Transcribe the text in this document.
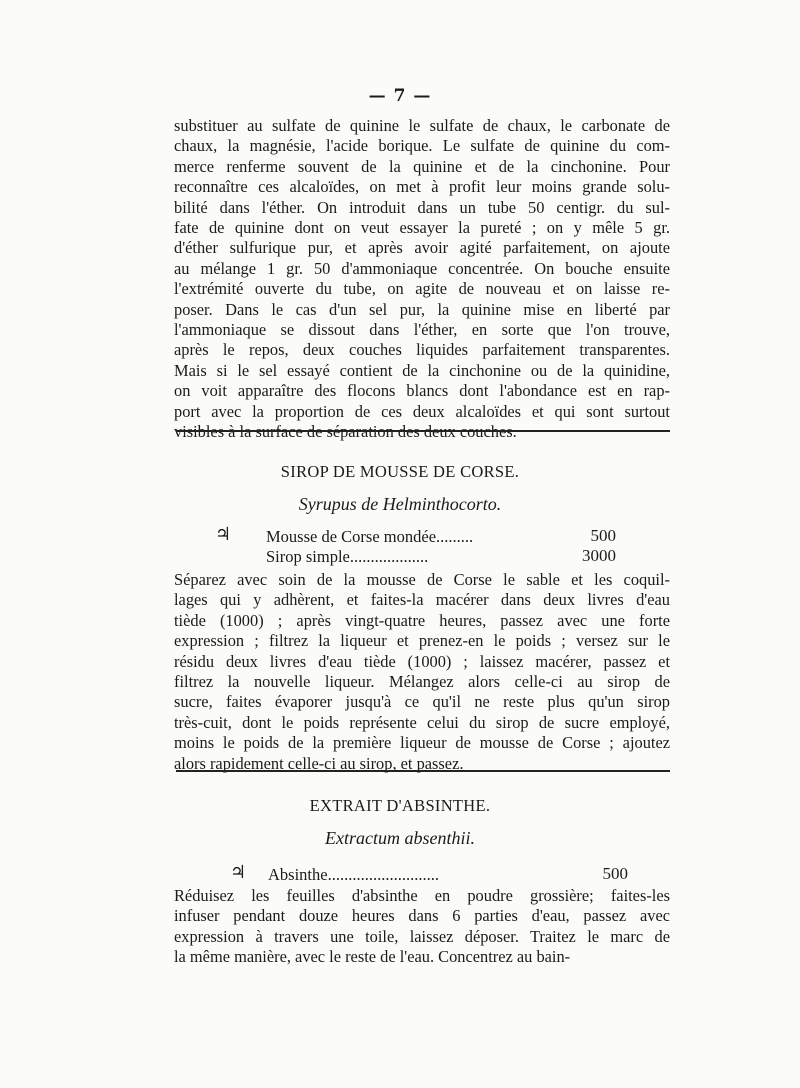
— 7 —

substituer au sulfate de quinine le sulfate de chaux, le carbonate de
chaux, la magnésie, l'acide borique. Le sulfate de quinine du com-
merce renferme souvent de la quinine et de la cinchonine. Pour
reconnaître ces alcaloïdes, on met à profit leur moins grande solu-
bilité dans l'éther. On introduit dans un tube 50 centigr. du sul-
fate de quinine dont on veut essayer la pureté ; on y mêle 5 gr.
d'éther sulfurique pur, et après avoir agité parfaitement, on ajoute
au mélange 1 gr. 50 d'ammoniaque concentrée. On bouche ensuite
l'extrémité ouverte du tube, on agite de nouveau et on laisse re-
poser. Dans le cas d'un sel pur, la quinine mise en liberté par
l'ammoniaque se dissout dans l'éther, en sorte que l'on trouve,
après le repos, deux couches liquides parfaitement transparentes.
Mais si le sel essayé contient de la cinchonine ou de la quinidine,
on voit apparaître des flocons blancs dont l'abondance est en rap-
port avec la proportion de ces deux alcaloïdes et qui sont surtout
visibles à la surface de séparation des deux couches.

SIROP DE MOUSSE DE CORSE.
Syrupus de Helminthocorto.
♃ Mousse de Corse mondée.........	500
Sirop simple...................	3000

Séparez avec soin de la mousse de Corse le sable et les coquil-
lages qui y adhèrent, et faites-la macérer dans deux livres d'eau
tiède (1000) ; après vingt-quatre heures, passez avec une forte
expression ; filtrez la liqueur et prenez-en le poids ; versez sur le
résidu deux livres d'eau tiède (1000) ; laissez macérer, passez et
filtrez la nouvelle liqueur. Mélangez alors celle-ci au sirop de
sucre, faites évaporer jusqu'à ce qu'il ne reste plus qu'un sirop
très-cuit, dont le poids représente celui du sirop de sucre employé,
moins le poids de la première liqueur de mousse de Corse ; ajoutez
alors rapidement celle-ci au sirop, et passez.

EXTRAIT D'ABSINTHE.
Extractum absenthii.
♃ Absinthe...........................	500

Réduisez les feuilles d'absinthe en poudre grossière; faites-les
infuser pendant douze heures dans 6 parties d'eau, passez avec
expression à travers une toile, laissez déposer. Traitez le marc de
la même manière, avec le reste de l'eau. Concentrez au bain-
